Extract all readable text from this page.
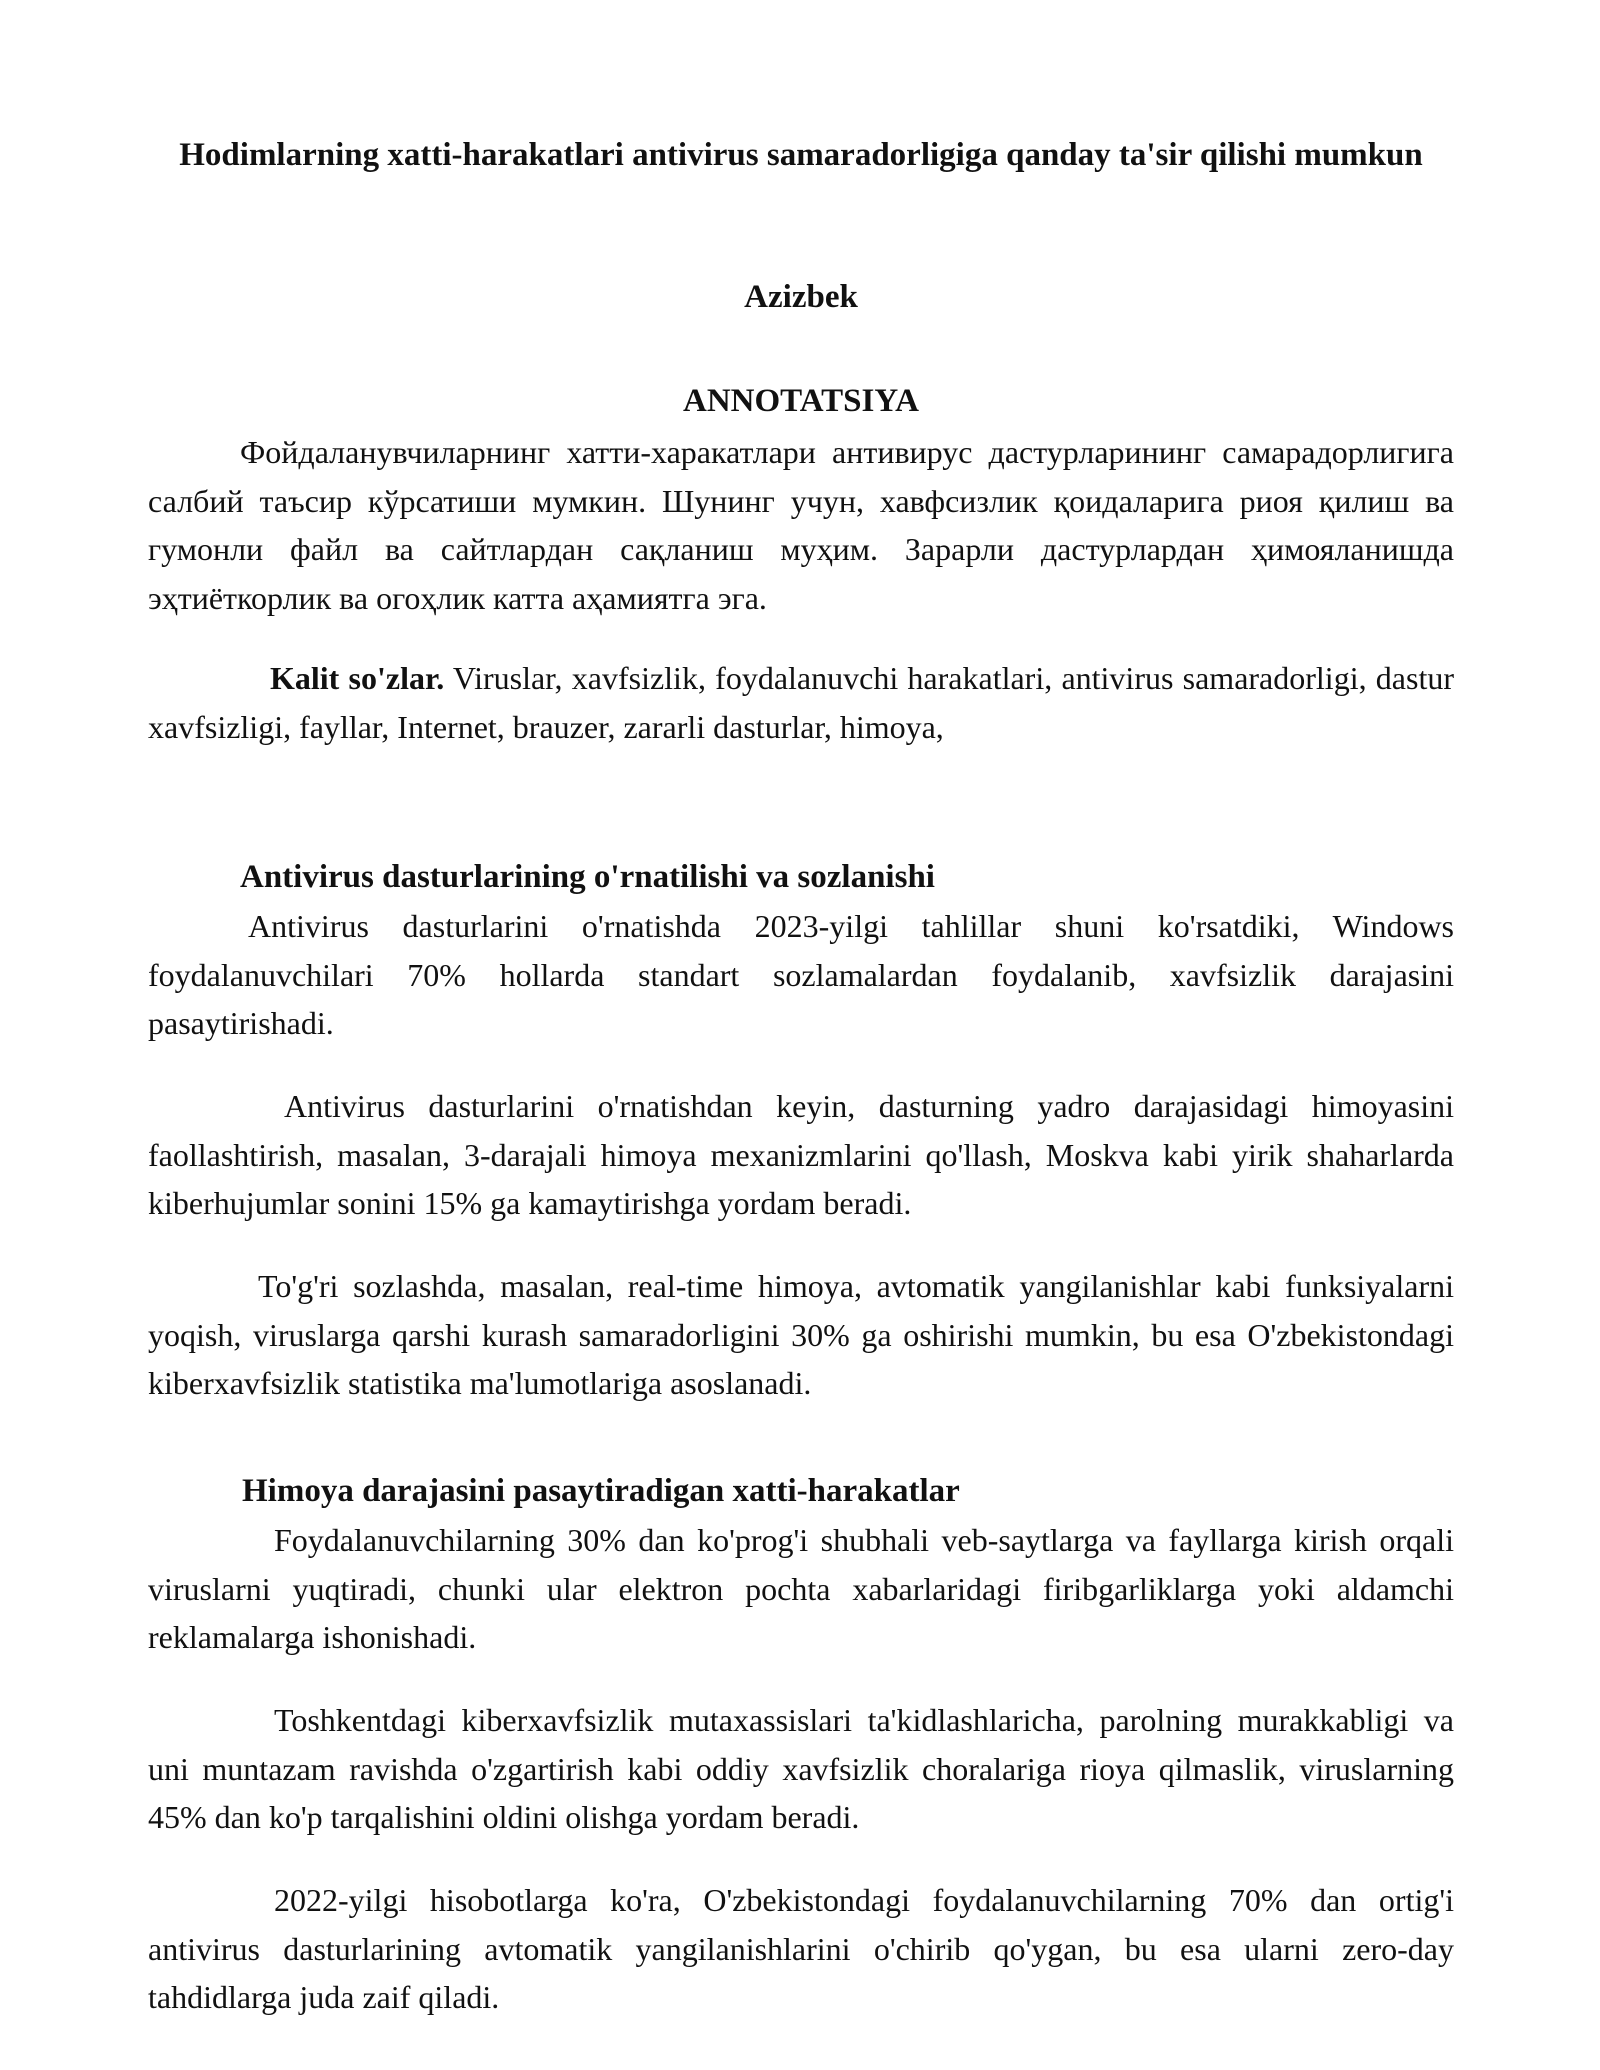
Hodimlarning xatti-harakatlari antivirus samaradorligiga qanday ta'sir qilishi mumkun
Azizbek
ANNOTATSIYA

Фойдаланувчиларнинг хатти-харакатлари антивирус дастурларининг самарадорлигига салбий таъсир кўрсатиши мумкин. Шунинг учун, хавфсизлик қоидаларига риоя қилиш ва гумонли файл ва сайтлардан сақланиш муҳим. Зарарли дастурлардан ҳимояланишда эҳтиёткорлик ва огоҳлик катта аҳамиятга эга.

Kalit so'zlar. Viruslar, xavfsizlik, foydalanuvchi harakatlari, antivirus samaradorligi, dastur xavfsizligi, fayllar, Internet, brauzer, zararli dasturlar, himoya,

Antivirus dasturlarining o'rnatilishi va sozlanishi

Antivirus dasturlarini o'rnatishda 2023-yilgi tahlillar shuni ko'rsatdiki, Windows foydalanuvchilari 70% hollarda standart sozlamalardan foydalanib, xavfsizlik darajasini pasaytirishadi.

Antivirus dasturlarini o'rnatishdan keyin, dasturning yadro darajasidagi himoyasini faollashtirish, masalan, 3-darajali himoya mexanizmlarini qo'llash, Moskva kabi yirik shaharlarda kiberhujumlar sonini 15% ga kamaytirishga yordam beradi.

To'g'ri sozlashda, masalan, real-time himoya, avtomatik yangilanishlar kabi funksiyalarni yoqish, viruslarga qarshi kurash samaradorligini 30% ga oshirishi mumkin, bu esa O'zbekistondagi kiberxavfsizlik statistika ma'lumotlariga asoslanadi.

Himoya darajasini pasaytiradigan xatti-harakatlar

Foydalanuvchilarning 30% dan ko'prog'i shubhali veb-saytlarga va fayllarga kirish orqali viruslarni yuqtiradi, chunki ular elektron pochta xabarlaridagi firibgarliklarga yoki aldamchi reklamalarga ishonishadi.

Toshkentdagi kiberxavfsizlik mutaxassislari ta'kidlashlaricha, parolning murakkabligi va uni muntazam ravishda o'zgartirish kabi oddiy xavfsizlik choralariga rioya qilmaslik, viruslarning 45% dan ko'p tarqalishini oldini olishga yordam beradi.

2022-yilgi hisobotlarga ko'ra, O'zbekistondagi foydalanuvchilarning 70% dan ortig'i antivirus dasturlarining avtomatik yangilanishlarini o'chirib qo'ygan, bu esa ularni zero-day tahdidlarga juda zaif qiladi.
